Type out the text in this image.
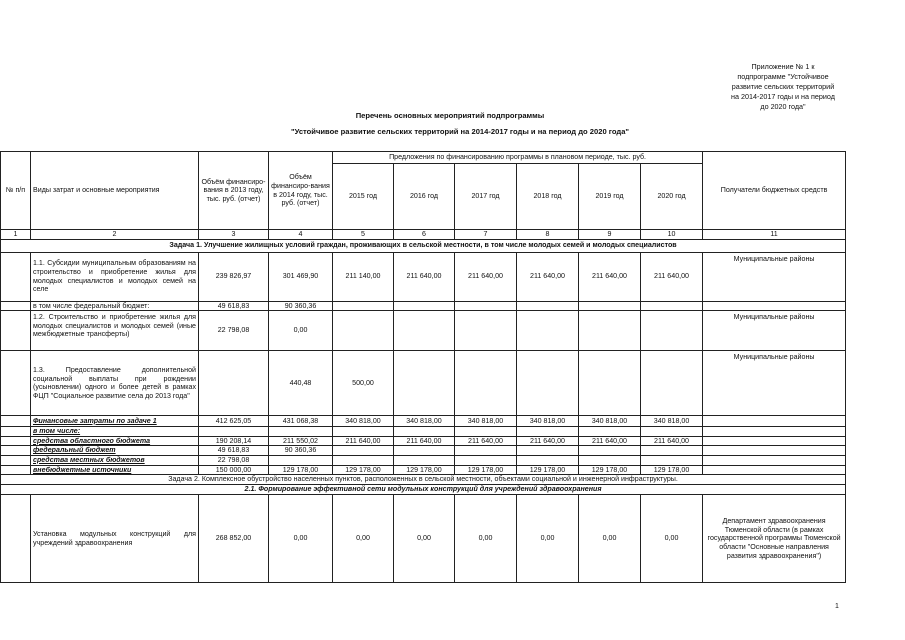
Приложение № 1 к
подпрограмме "Устойчивое
развитие сельских территорий
на 2014-2017 годы и на период
до 2020 года"
Перечень основных мероприятий подпрограммы
"Устойчивое развитие сельских территорий на 2014-2017 годы и на период до 2020 года"
№ п/п	Виды затрат и основные мероприятия	Объём финансиро-вания в 2013 году, тыс. руб. (отчет)	Объём финансиро-вания в 2014 году, тыс. руб. (отчет)	Предложения по финансированию программы в плановом периоде, тыс. руб.						Получатели бюджетных средств
				2015 год	2016 год	2017 год	2018 год	2019 год	2020 год	
1	2	3	4	5	6	7	8	9	10	11
Задача 1. Улучшение жилищных условий граждан, проживающих в сельской местности, в том числе молодых семей и молодых специалистов										
	1.1. Субсидии муниципальным образованиям на строительство и приобретение жилья для молодых специалистов и молодых семей на селе	239 826,97	301 469,90	211 140,00	211 640,00	211 640,00	211 640,00	211 640,00	211 640,00	Муниципальные районы
	в том числе федеральный бюджет:	49 618,83	90 360,36							
	1.2. Строительство и приобретение жилья для молодых специалистов и молодых семей (иные межбюджетные трансферты)	22 798,08	0,00							Муниципальные районы
	1.3. Предоставление дополнительной социальной выплаты при рождении (усыновлении) одного и более детей в рамках ФЦП "Социальное развитие села до 2013 года"		440,48	500,00						Муниципальные районы
	Финансовые затраты по задаче 1	412 625,05	431 068,38	340 818,00	340 818,00	340 818,00	340 818,00	340 818,00	340 818,00	
	в том числе:									
	средства областного бюджета	190 208,14	211 550,02	211 640,00	211 640,00	211 640,00	211 640,00	211 640,00	211 640,00	
	федеральный бюджет	49 618,83	90 360,36							
	средства местных бюджетов	22 798,08								
	внебюджетные источники	150 000,00	129 178,00	129 178,00	129 178,00	129 178,00	129 178,00	129 178,00	129 178,00	
Задача 2. Комплексное обустройство населенных пунктов, расположенных в сельской местности, объектами социальной и инженерной инфраструктуры.										
2.1. Формирование эффективной сети модульных конструкций для учреждений здравоохранения										
	Установка модульных конструкций для учреждений здравоохранения	268 852,00	0,00	0,00	0,00	0,00	0,00	0,00	0,00	Департамент здравоохранения Тюменской области (в рамках государственной программы Тюменской области "Основные направления развития здравоохранения")
1
